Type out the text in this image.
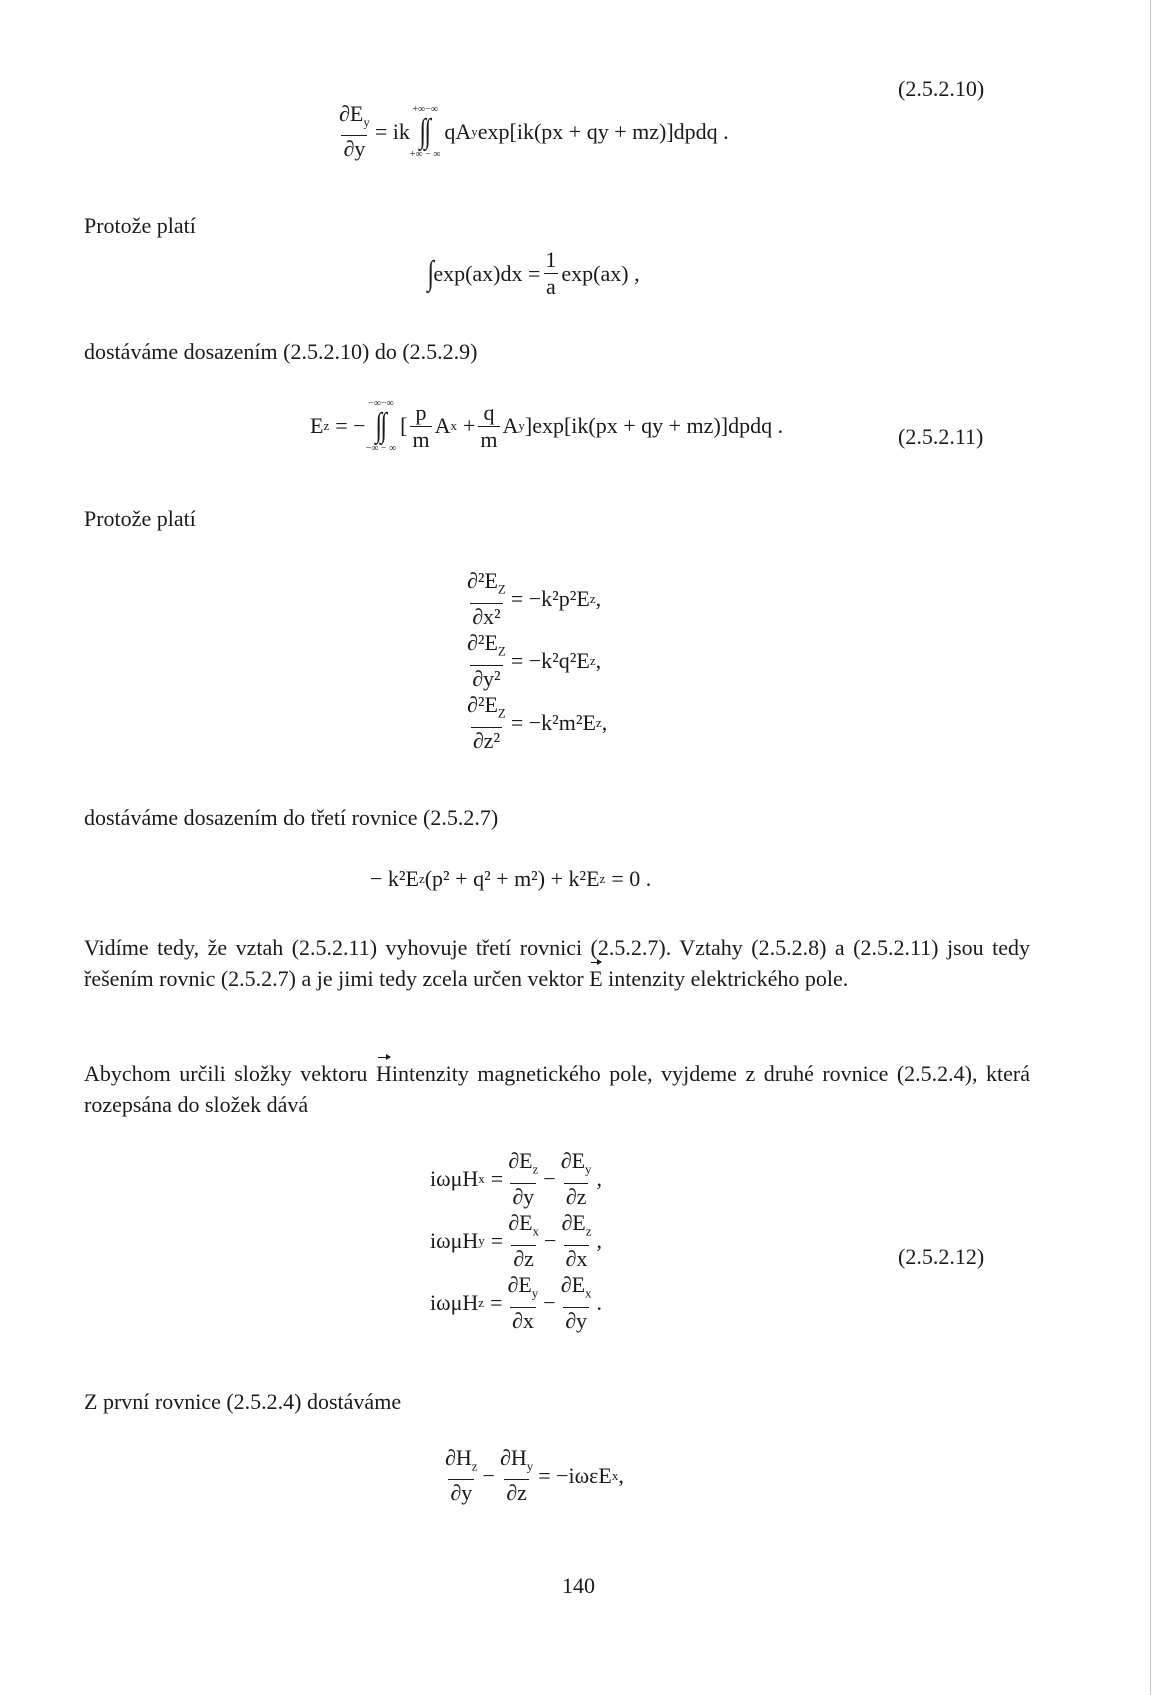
(2.5.2.10)
$\frac{\partial E_y}{\partial y}$ = ik
+∞−∞
∫∫
+∞ − ∞
qA y exp[ik(px + qy + mz)]dpdq .
Protože platí
∫ $\exp(ax)dx = \frac{1}{a} \exp(ax)$ ,
dostáváme dosazením (2.5.2.10) do (2.5.2.9)
E z = −
−∞−∞
∫∫
−∞ − ∞
[ $\frac{p}{m}$ A $x + \frac{q}{m}$ A y ]exp[ik(px + qy + mz)]dpdq .	(2.5.2.11)
Protože platí
$\frac{\partial^2E_Z}{\text{∂x²}} = -k^2p^2E$ z ,
$\frac{\partial^2E_Z}{\text{∂y²}} = -k^2q^2E$ z ,
$\frac{\partial^2E_Z}{\text{∂z²}} = -k^2m^2E$ z ,
dostáváme dosazením do třetí rovnice (2.5.2.7)
− k²E z (p² + q² + m²) + k²E z = 0 .
Vidíme tedy, že vztah (2.5.2.11) vyhovuje třetí rovnici (2.5.2.7). Vztahy (2.5.2.8) a (2.5.2.11) jsou tedy řešením rovnic (2.5.2.7) a je jimi tedy zcela určen vektor E intenzity elektrického pole.
Abychom určili složky vektoru Hintenzity magnetického pole, vyjdeme z druhé rovnice (2.5.2.4), která rozepsána do složek dává
iωμH $x = \frac{\partial E_z}{\partial y} - \frac{\partial E_y}{\partial z}$ ,
iωμH $y = \frac{\partial E_x}{\partial z} - \frac{\partial E_z}{\partial x}$ ,
iωμH $z = \frac{\partial E_y}{\partial x} - \frac{\partial E_x}{\partial y}$ .
(2.5.2.12)
Z první rovnice (2.5.2.4) dostáváme
$\frac{\partial H_z}{\partial y} - \frac{\partial H_y}{\partial z} = -i\omega\varepsilon E$ x ,
140
